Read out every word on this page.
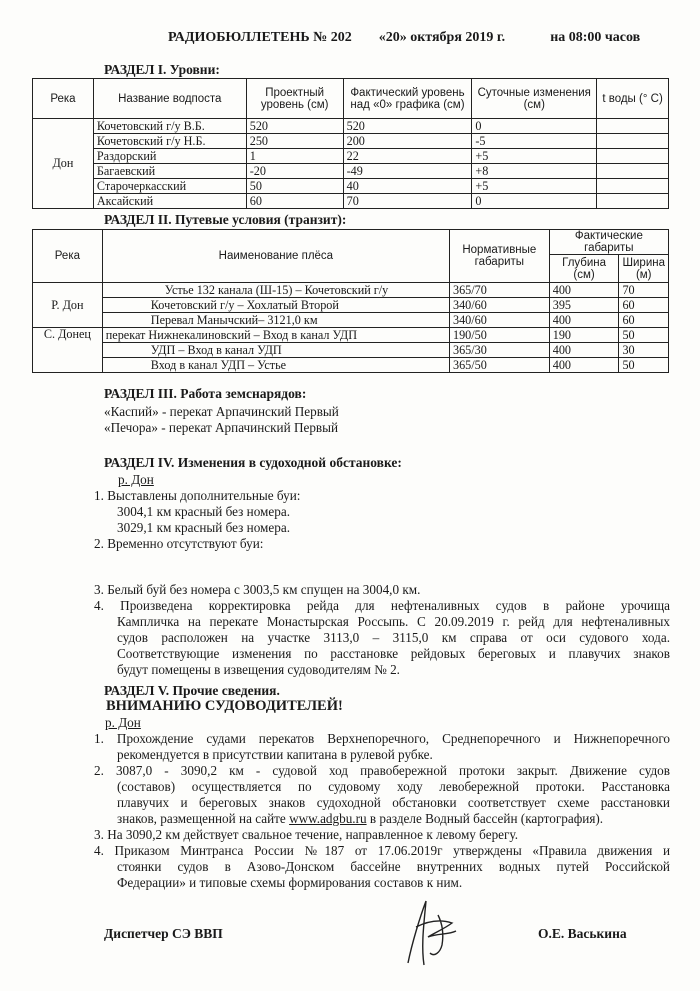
РАДИОБЮЛЛЕТЕНЬ № 202 «20» октября 2019 г.	на 08:00 часов
РАЗДЕЛ I. Уровни:
Река	Название водпоста	Проектный уровень (см)	Фактический уровень над «0» графика (см)	Суточные изменения (см)	t воды (° С)
Дон	Кочетовский г/у В.Б.	520	520	0	
	Кочетовский г/у Н.Б.	250	200	-5	
	Раздорский	1	22	+5	
	Багаевский	-20	-49	+8	
	Старочеркасский	50	40	+5	
	Аксайский	60	70	0	
РАЗДЕЛ II. Путевые условия (транзит):
Река	Наименование плёса	Нормативные габариты	Фактические габариты	
			Глубина (см)	Ширина (м)
Р. Дон	Устье 132 канала (Ш-15) – Кочетовский г/у	365/70	400	70
	Кочетовский г/у – Хохлатый Второй	340/60	395	60
	Перевал Манычский– 3121,0 км	340/60	400	60
С. Донец	перекат Нижнекалиновский – Вход в канал УДП	190/50	190	50
	УДП – Вход в канал УДП	365/30	400	30
	Вход в канал УДП – Устье	365/50	400	50
РАЗДЕЛ III. Работа земснарядов:
«Каспий» - перекат Арпачинский Первый
«Печора» - перекат Арпачинский Первый
РАЗДЕЛ IV. Изменения в судоходной обстановке:
р. Дон
1. Выставлены дополнительные буи:
3004,1 км красный без номера.
3029,1 км красный без номера.
2. Временно отсутствуют буи:
3. Белый буй без номера с 3003,5 км спущен на 3004,0 км.
4. Произведена корректировка рейда для нефтеналивных судов в районе урочища
Кампличка на перекате Монастырская Россыпь. С 20.09.2019 г. рейд для нефтеналивных
судов расположен на участке 3113,0 – 3115,0 км справа от оси судового хода.
Соответствующие изменения по расстановке рейдовых береговых и плавучих знаков
будут помещены в извещения судоводителям № 2.
РАЗДЕЛ V. Прочие сведения.
ВНИМАНИЮ СУДОВОДИТЕЛЕЙ!
р. Дон
1. Прохождение судами перекатов Верхнепоречного, Среднепоречного и Нижнепоречного
рекомендуется в присутствии капитана в рулевой рубке.
2. 3087,0 - 3090,2 км - судовой ход правобережной протоки закрыт. Движение судов
(составов) осуществляется по судовому ходу левобережной протоки. Расстановка
плавучих и береговых знаков судоходной обстановки соответствует схеме расстановки
знаков, размещенной на сайте www.adgbu.ru в разделе Водный бассейн (картография).
3. На 3090,2 км действует свальное течение, направленное к левому берегу.
4. Приказом Минтранса России №187 от 17.06.2019г утверждены «Правила движения и
стоянки судов в Азово-Донском бассейне внутренних водных путей Российской
Федерации» и типовые схемы формирования составов к ним.
Диспетчер СЭ ВВП	О.Е. Васькина
